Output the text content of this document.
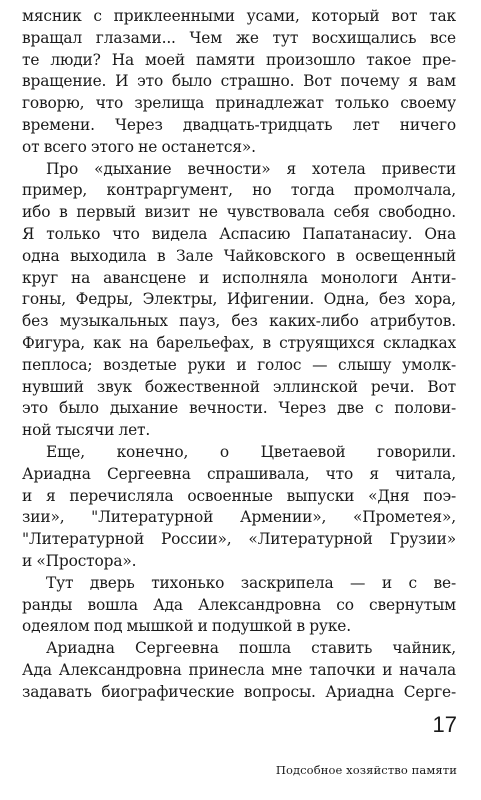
мясник с приклеенными усами, который вот так
вращал глазами... Чем же тут восхищались все
те люди? На моей памяти произошло такое пре-
вращение. И это было страшно. Вот почему я вам
говорю, что зрелища принадлежат только своему
времени. Через двадцать-тридцать лет ничего
от всего этого не останется».
Про «дыхание вечности» я хотела привести
пример, контраргумент, но тогда промолчала,
ибо в первый визит не чувствовала себя свободно.
Я только что видела Аспасию Папатанасиу. Она
одна выходила в Зале Чайковского в освещенный
круг на авансцене и исполняла монологи Анти-
гоны, Федры, Электры, Ифигении. Одна, без хора,
без музыкальных пауз, без каких-либо атрибутов.
Фигура, как на барельефах, в струящихся складках
пеплоса; воздетые руки и голос — слышу умолк-
нувший звук божественной эллинской речи. Вот
это было дыхание вечности. Через две с полови-
ной тысячи лет.
Еще, конечно, о Цветаевой говорили.
Ариадна Сергеевна спрашивала, что я читала,
и я перечисляла освоенные выпуски «Дня поэ-
зии», "Литературной Армении», «Прометея»,
"Литературной России», «Литературной Грузии»
и «Простора».
Тут дверь тихонько заскрипела — и с ве-
ранды вошла Ада Александровна со свернутым
одеялом под мышкой и подушкой в руке.
Ариадна Сергеевна пошла ставить чайник,
Ада Александровна принесла мне тапочки и начала
задавать биографические вопросы. Ариадна Серге-
17
Подсобное хозяйство памяти
